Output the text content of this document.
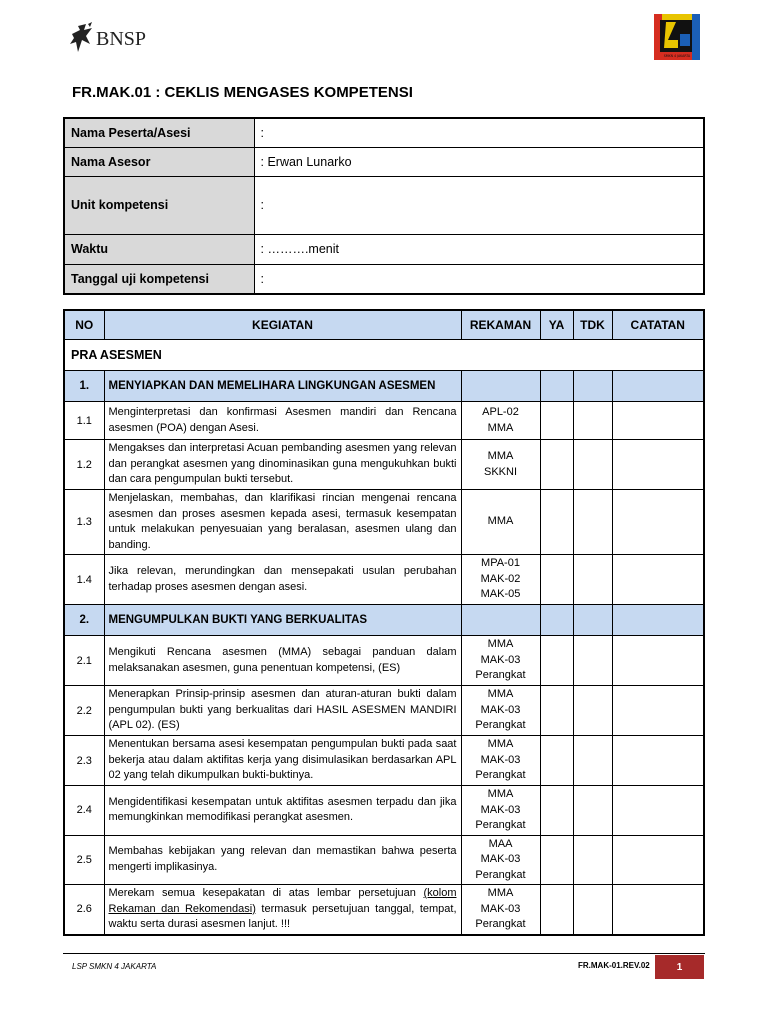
BNSP
SMKN 4 JAKARTA
FR.MAK.01 : CEKLIS MENGASES KOMPETENSI
Nama Peserta/Asesi	:
Nama Asesor	: Erwan Lunarko
Unit kompetensi	:
Waktu	: ……….menit
Tanggal uji kompetensi	:
NO	KEGIATAN	REKAMAN	YA	TDK	CATATAN
PRA ASESMEN					
1.	MENYIAPKAN DAN MEMELIHARA LINGKUNGAN ASESMEN				
1.1	Menginterpretasi dan konfirmasi Asesmen mandiri dan Rencana asesmen (POA) dengan Asesi.	APL-02
MMA			
1.2	Mengakses dan interpretasi Acuan pembanding asesmen yang relevan dan perangkat asesmen yang dinominasikan guna mengukuhkan bukti dan cara pengumpulan bukti tersebut.	MMA
SKKNI			
1.3	Menjelaskan, membahas, dan klarifikasi rincian mengenai rencana asesmen dan proses asesmen kepada asesi, termasuk kesempatan untuk melakukan penyesuaian yang beralasan, asesmen ulang dan banding.	MMA			
1.4	Jika relevan, merundingkan dan mensepakati usulan perubahan terhadap proses asesmen dengan asesi.	MPA-01
MAK-02
MAK-05			
2.	MENGUMPULKAN BUKTI YANG BERKUALITAS				
2.1	Mengikuti Rencana asesmen (MMA) sebagai panduan dalam melaksanakan asesmen, guna penentuan kompetensi, (ES)	MMA
MAK-03
Perangkat			
2.2	Menerapkan Prinsip-prinsip asesmen dan aturan-aturan bukti dalam pengumpulan bukti yang berkualitas dari HASIL ASESMEN MANDIRI (APL 02). (ES)	MMA
MAK-03
Perangkat			
2.3	Menentukan bersama asesi kesempatan pengumpulan bukti pada saat bekerja atau dalam aktifitas kerja yang disimulasikan berdasarkan APL 02 yang telah dikumpulkan bukti-buktinya.	MMA
MAK-03
Perangkat			
2.4	Mengidentifikasi kesempatan untuk aktifitas asesmen terpadu dan jika memungkinkan memodifikasi perangkat asesmen.	MMA
MAK-03
Perangkat			
2.5	Membahas kebijakan yang relevan dan memastikan bahwa peserta mengerti implikasinya.	MAA
MAK-03
Perangkat			
2.6	Merekam semua kesepakatan di atas lembar persetujuan (kolom Rekaman dan Rekomendasi) termasuk persetujuan tanggal, tempat, waktu serta durasi asesmen lanjut. !!!	MMA
MAK-03
Perangkat			
LSP SMKN 4 JAKARTA	FR.MAK-01.REV.02	1
